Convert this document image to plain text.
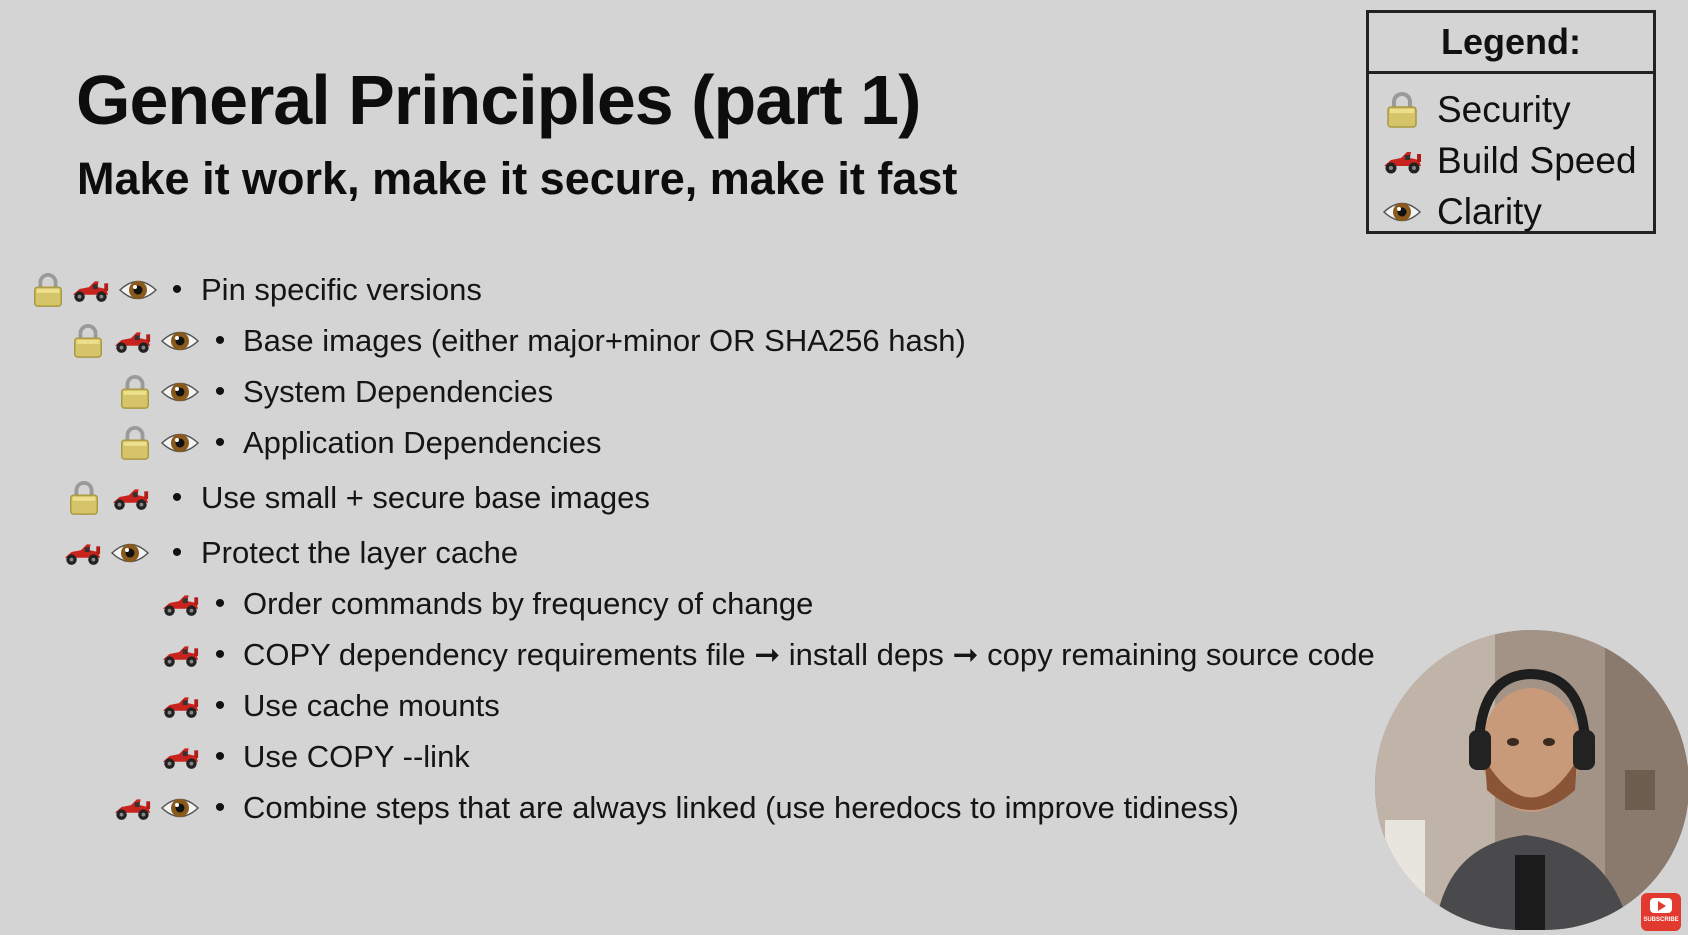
General Principles (part 1)
Make it work, make it secure, make it fast
Legend:
Security
Build Speed
Clarity
• Pin specific versions
• Base images (either major+minor OR SHA256 hash)
• System Dependencies
• Application Dependencies
• Use small + secure base images
• Protect the layer cache
• Order commands by frequency of change
• COPY dependency requirements file ➞ install deps ➞ copy remaining source code
• Use cache mounts
• Use COPY --link
• Combine steps that are always linked (use heredocs to improve tidiness)
SUBSCRIBE
